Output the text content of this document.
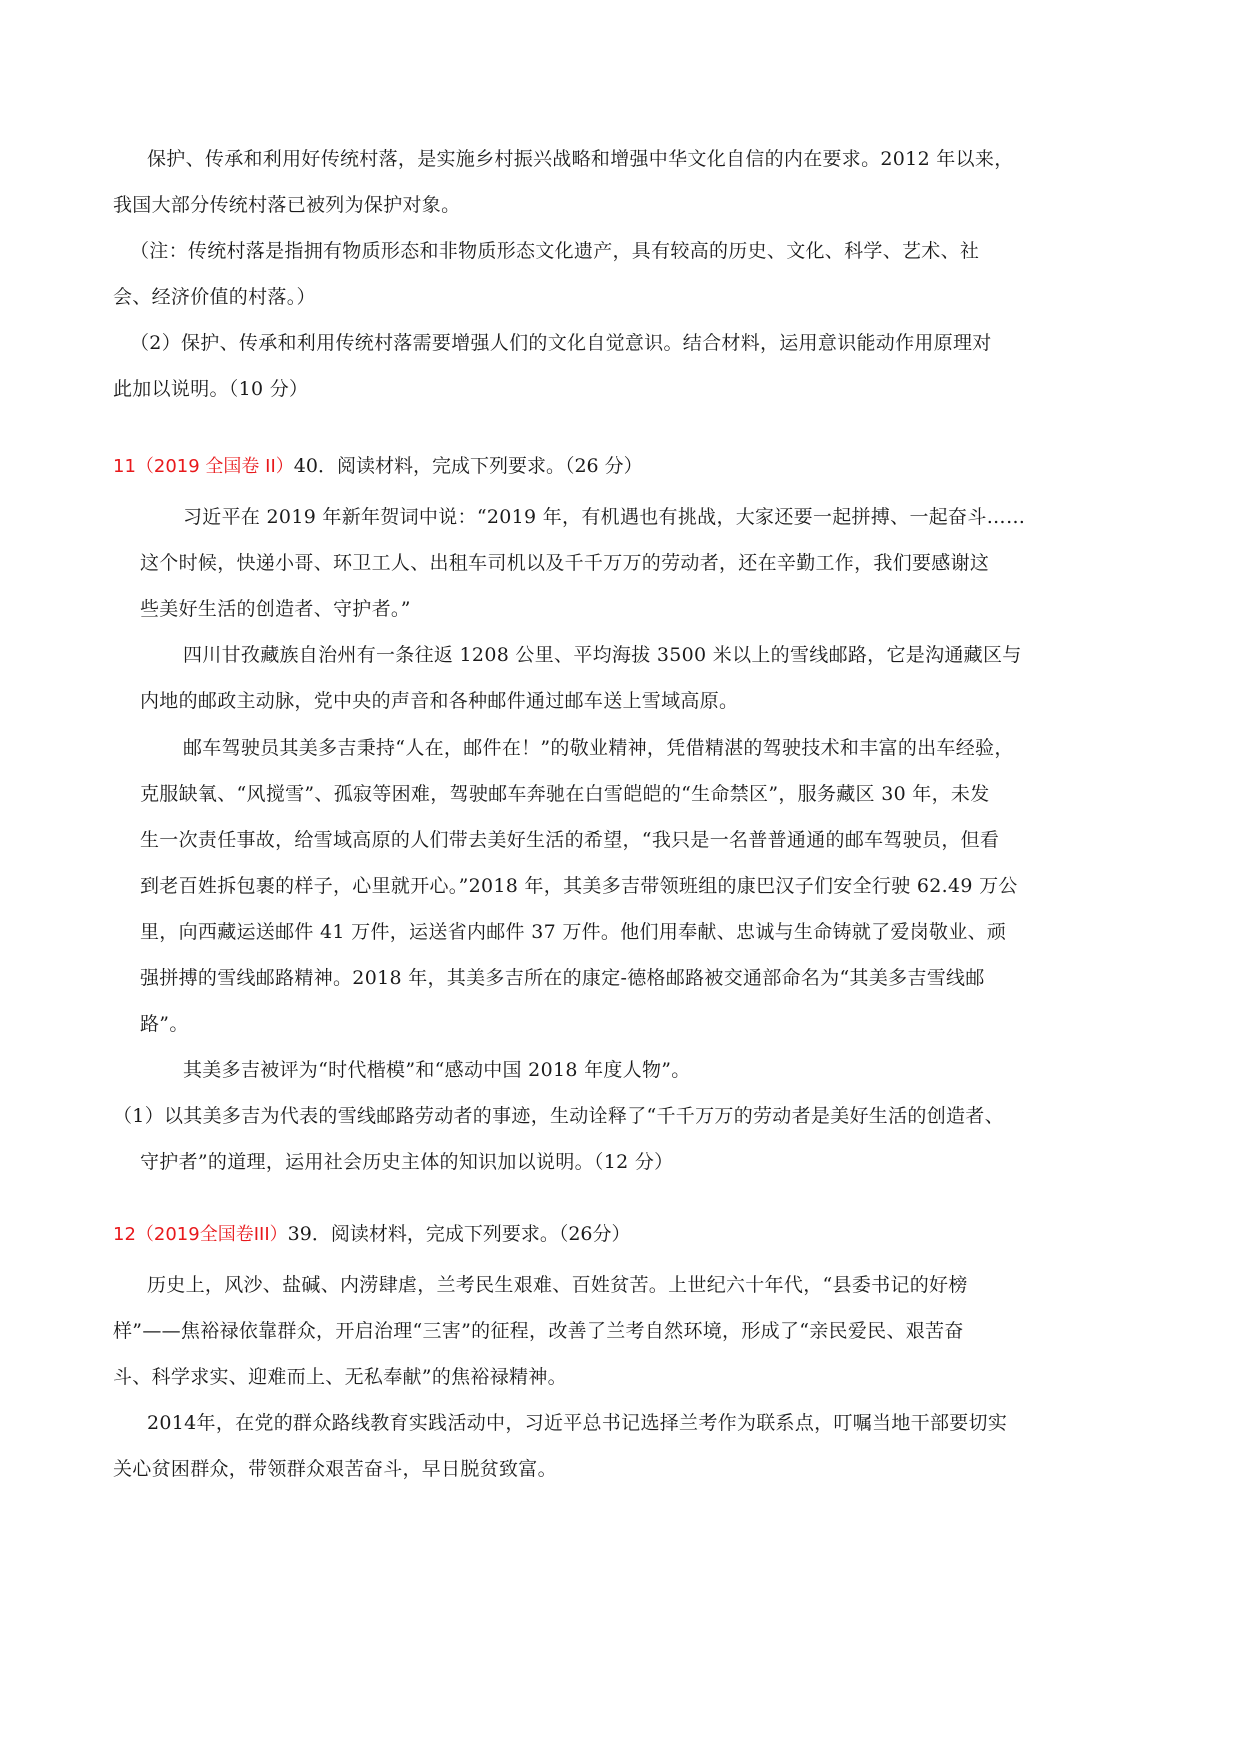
保护、传承和利用好传统村落，是实施乡村振兴战略和增强中华文化自信的内在要求。2012 年以来，
我国大部分传统村落已被列为保护对象。
（注：传统村落是指拥有物质形态和非物质形态文化遗产，具有较高的历史、文化、科学、艺术、社
会、经济价值的村落。）
（2）保护、传承和利用传统村落需要增强人们的文化自觉意识。结合材料，运用意识能动作用原理对
此加以说明。（10 分）
11（2019 全国卷 II）40．阅读材料，完成下列要求。（26 分）
习近平在 2019 年新年贺词中说：“2019 年，有机遇也有挑战，大家还要一起拼搏、一起奋斗……
这个时候，快递小哥、环卫工人、出租车司机以及千千万万的劳动者，还在辛勤工作，我们要感谢这
些美好生活的创造者、守护者。”
四川甘孜藏族自治州有一条往返 1208 公里、平均海拔 3500 米以上的雪线邮路，它是沟通藏区与
内地的邮政主动脉，党中央的声音和各种邮件通过邮车送上雪域高原。
邮车驾驶员其美多吉秉持“人在，邮件在！”的敬业精神，凭借精湛的驾驶技术和丰富的出车经验，
克服缺氧、“风搅雪”、孤寂等困难，驾驶邮车奔驰在白雪皑皑的“生命禁区”，服务藏区 30 年，未发
生一次责任事故，给雪域高原的人们带去美好生活的希望，“我只是一名普普通通的邮车驾驶员，但看
到老百姓拆包裹的样子，心里就开心。”2018 年，其美多吉带领班组的康巴汉子们安全行驶 62.49 万公
里，向西藏运送邮件 41 万件，运送省内邮件 37 万件。他们用奉献、忠诚与生命铸就了爱岗敬业、顽
强拼搏的雪线邮路精神。2018 年，其美多吉所在的康定-德格邮路被交通部命名为“其美多吉雪线邮
路”。
其美多吉被评为“时代楷模”和“感动中国 2018 年度人物”。
（1）以其美多吉为代表的雪线邮路劳动者的事迹，生动诠释了“千千万万的劳动者是美好生活的创造者、
守护者”的道理，运用社会历史主体的知识加以说明。（12 分）
12（2019全国卷III）39．阅读材料，完成下列要求。（26分）
历史上，风沙、盐碱、内涝肆虐，兰考民生艰难、百姓贫苦。上世纪六十年代，“县委书记的好榜
样”——焦裕禄依靠群众，开启治理“三害”的征程，改善了兰考自然环境，形成了“亲民爱民、艰苦奋
斗、科学求实、迎难而上、无私奉献”的焦裕禄精神。
2014年，在党的群众路线教育实践活动中，习近平总书记选择兰考作为联系点，叮嘱当地干部要切实
关心贫困群众，带领群众艰苦奋斗，早日脱贫致富。
